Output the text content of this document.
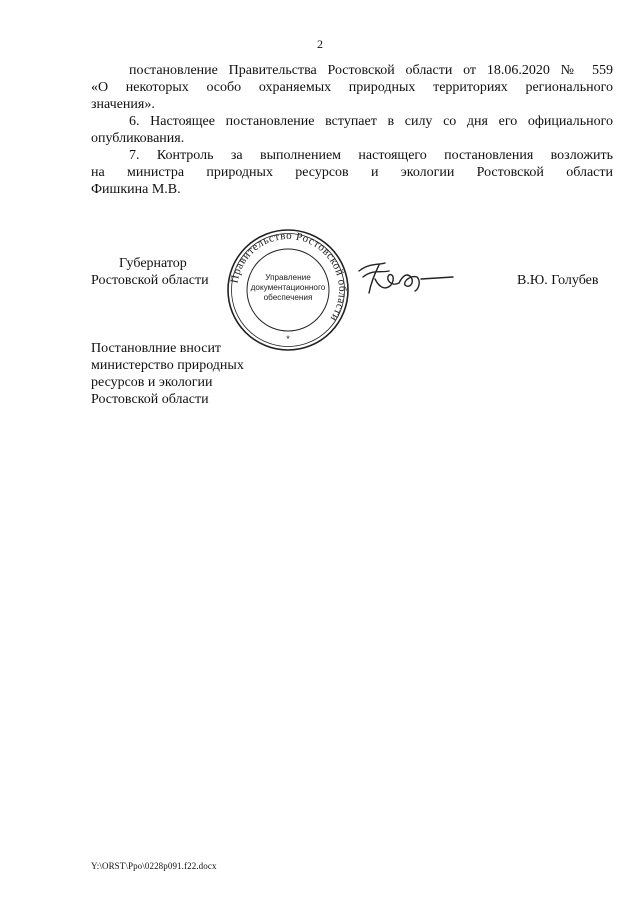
2

постановление Правительства Ростовской области от 18.06.2020 № 559

«О некоторых особо охраняемых природных территориях регионального

значения».

6. Настоящее постановление вступает в силу со дня его официального

опубликования.

7. Контроль за выполнением настоящего постановления возложить

на министра природных ресурсов и экологии Ростовской области

Фишкина М.В.

Губернатор
Ростовской области	В.Ю. Голубев
Правительство Ростовской области
Управление
документационного
обеспечения
*
Постановлние вносит
министерство природных
ресурсов и экологии
Ростовской области
Y:\ORST\Ppo\0228p091.f22.docx
